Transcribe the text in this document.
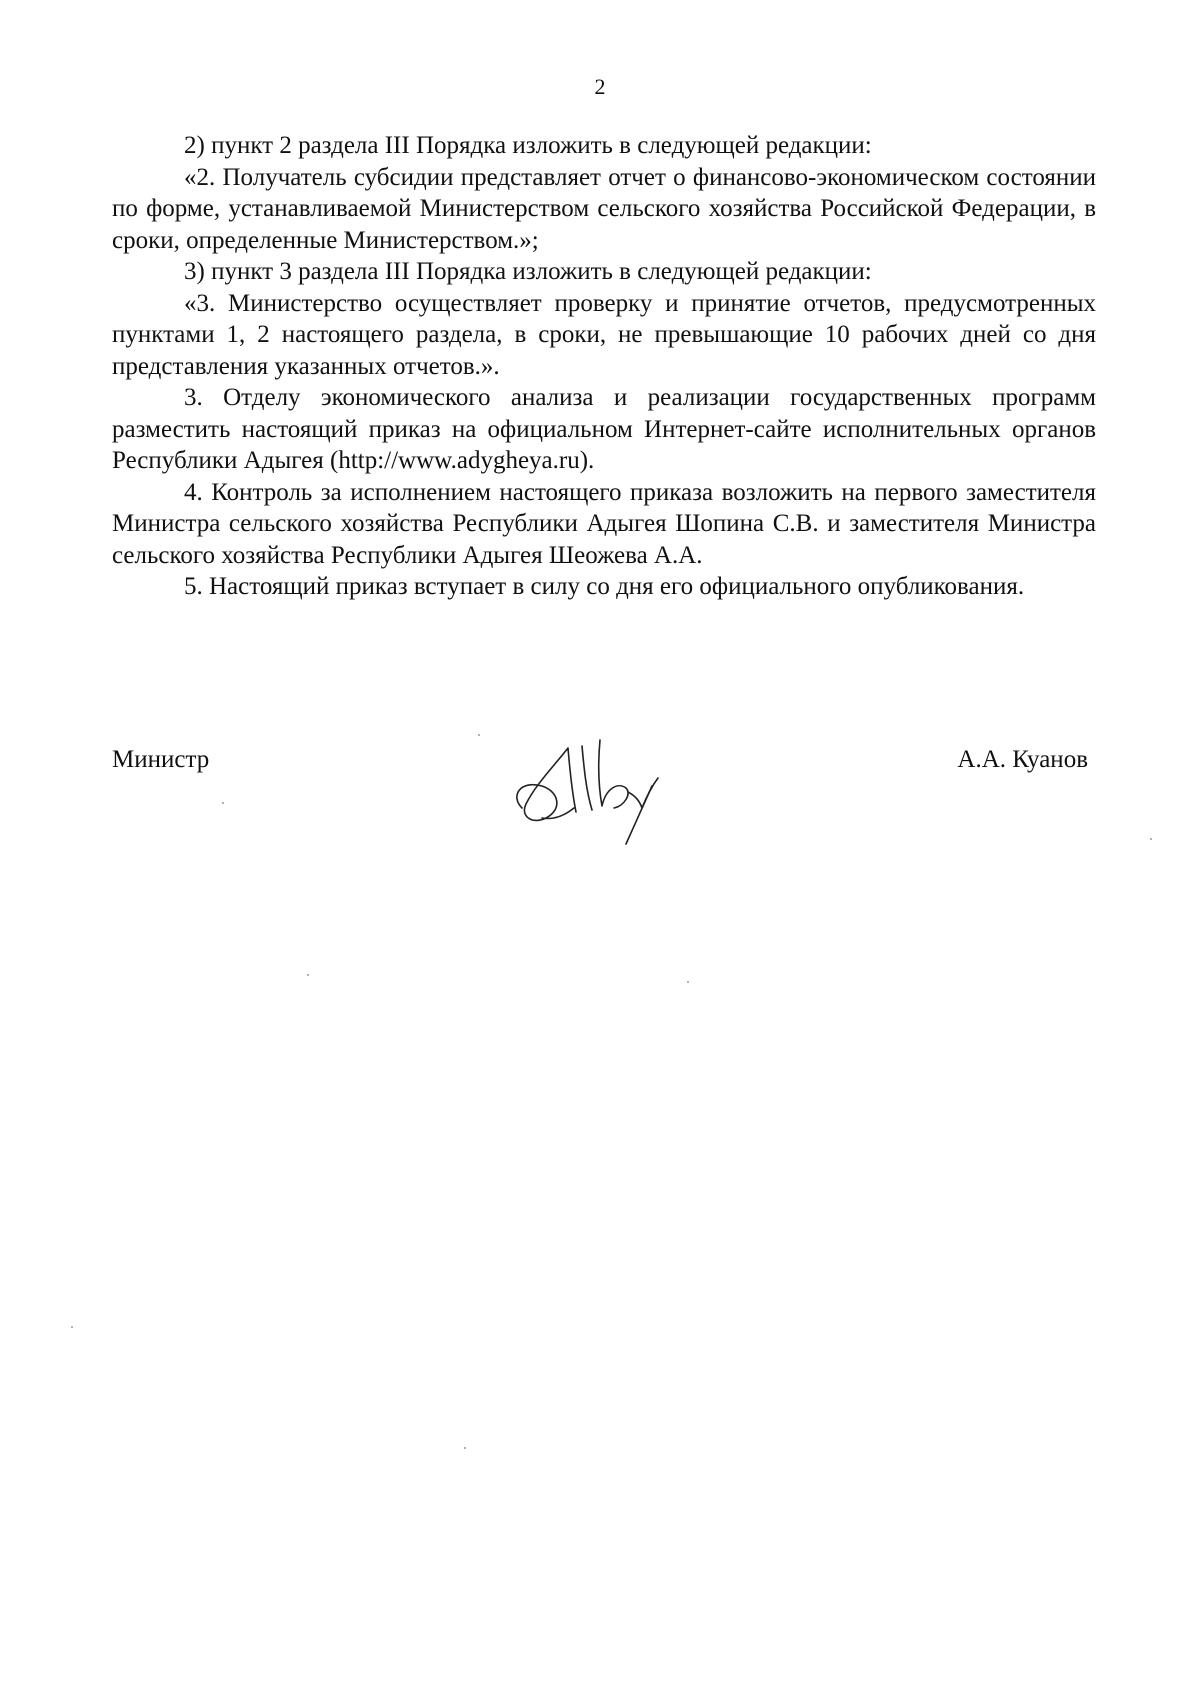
2

2) пункт 2 раздела III Порядка изложить в следующей редакции:

«2. Получатель субсидии представляет отчет о финансово-экономическом состоянии по форме, устанавливаемой Министерством сельского хозяйства Российской Федерации, в сроки, определенные Министерством.»;

3) пункт 3 раздела III Порядка изложить в следующей редакции:

«3. Министерство осуществляет проверку и принятие отчетов, предусмотренных пунктами 1, 2 настоящего раздела, в сроки, не превышающие 10 рабочих дней со дня представления указанных отчетов.».

3. Отделу экономического анализа и реализации государственных программ разместить настоящий приказ на официальном Интернет-сайте исполнительных органов Республики Адыгея (http://www.adygheya.ru).

4. Контроль за исполнением настоящего приказа возложить на первого заместителя Министра сельского хозяйства Республики Адыгея Шопина С.В. и заместителя Министра сельского хозяйства Республики Адыгея Шеожева А.А.

5. Настоящий приказ вступает в силу со дня его официального опубликования.

Министр	А.А. Куанов
